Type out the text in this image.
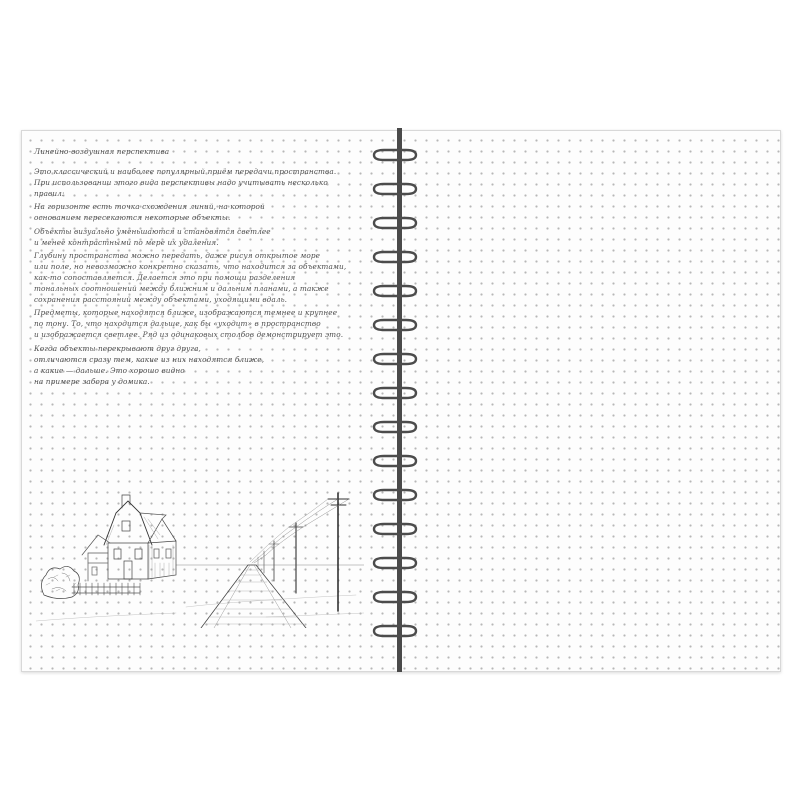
Линейно-воздушная перспектива

Это классический и наиболее популярный приём передачи пространства.
При использовании этого вида перспективы надо учитывать несколько
правил:

На горизонте есть точка схождения линий, на которой
основанием пересекаются некоторые объекты.

Объекты визуально уменьшаются и становятся светлее
и менее контрастными по мере их удаления.

Глубину пространства можно передать, даже рисуя открытое море
или поле, но невозможно конкретно сказать, что находится за объектами,
как-то сопоставляется. Делается это при помощи разделения
тональных соотношений между ближним и дальним планами, а также
сохранения расстояний между объектами, уходящими вдаль.

Предметы, которые находятся ближе, изображаются темнее и крупнее
по тону. То, что находится дальше, как бы «уходит» в пространство
и изображается светлее. Ряд из одинаковых столбов демонстрирует это.

Когда объекты перекрывают друг друга,
отличаются сразу тем, какие из них находятся ближе,
а какие — дальше. Это хорошо видно
на примере забора у домика.
